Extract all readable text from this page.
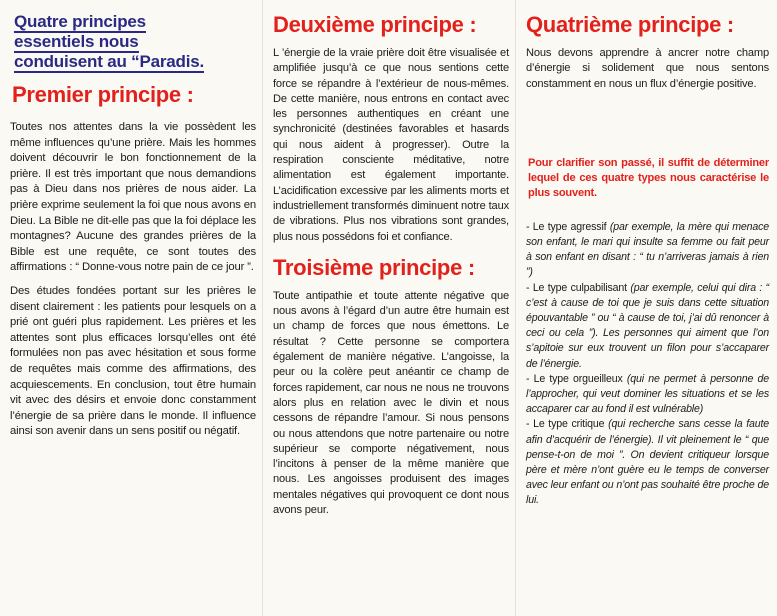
Quatre principes
essentiels nous
conduisent au “Paradis.
Premier principe :

Toutes nos attentes dans la vie possèdent les même influences qu’une prière. Mais les hommes doivent découvrir le bon fonctionnement de la prière. Il est très important que nous demandions pas à Dieu dans nos prières de nous aider. La prière exprime seulement la foi que nous avons en Dieu. La Bible ne dit-elle pas que la foi déplace les montagnes? Aucune des grandes prières de la Bible est une requête, ce sont toutes des affirmations : “ Donne-vous notre pain de ce jour ”.

Des études fondées portant sur les prières le disent clairement : les patients pour lesquels on a prié ont guéri plus rapidement. Les prières et les attentes sont plus efficaces lorsqu’elles ont été formulées non pas avec hésitation et sous forme de requêtes mais comme des affirmations, des acquiescements. En conclusion, tout être humain vit avec des désirs et envoie donc constamment l’énergie de sa prière dans le monde. Il influence ainsi son avenir dans un sens positif ou négatif.

Deuxième principe :

L ’énergie de la vraie prière doit être visualisée et amplifiée jusqu’à ce que nous sentions cette force se répandre à l’extérieur de nous-mêmes. De cette manière, nous entrons en contact avec les personnes authentiques en créant une synchronicité (destinées favorables et hasards qui nous aident à progresser). Outre la respiration consciente méditative, notre alimentation est également importante. L’acidification excessive par les aliments morts et industriellement transformés diminuent notre taux de vibrations. Plus nos vibrations sont grandes, plus nous possédons foi et confiance.

Troisième principe :

Toute antipathie et toute attente négative que nous avons à l’égard d’un autre être humain est un champ de forces que nous émettons. Le résultat ? Cette personne se comportera également de manière négative. L’angoisse, la peur ou la colère peut anéantir ce champ de forces rapidement, car nous ne nous ne trouvons alors plus en relation avec le divin et nous cessons de répandre l’amour. Si nous pensons ou nous attendons que notre partenaire ou notre supérieur se comporte négativement, nous l’incitons à penser de la même manière que nous. Les angoisses produisent des images mentales négatives qui provoquent ce dont nous avons peur.

Quatrième principe :

Nous devons apprendre à ancrer notre champ d’énergie si solidement que nous sentons constamment en nous un flux d’énergie positive.

Pour clarifier son passé, il suffit de déterminer lequel de ces quatre types nous caractérise le plus souvent.

- Le type agressif (par exemple, la mère qui menace son enfant, le mari qui insulte sa femme ou fait peur à son enfant en disant : “ tu n’arriveras jamais à rien ”)

- Le type culpabilisant (par exemple, celui qui dira : “ c’est à cause de toi que je suis dans cette situation épouvantable ” ou “ à cause de toi, j’ai dû renoncer à ceci ou cela ”). Les personnes qui aiment que l’on s’apitoie sur eux trouvent un filon pour s’accaparer de l’énergie.

- Le type orgueilleux (qui ne permet à personne de l’approcher, qui veut dominer les situations et se les accaparer car au fond il est vulnérable)

- Le type critique (qui recherche sans cesse la faute afin d’acquérir de l’énergie). Il vit pleinement le “ que pense-t-on de moi ”. On devient critiqueur lorsque père et mère n’ont guère eu le temps de converser avec leur enfant ou n’ont pas souhaité être proche de lui.
